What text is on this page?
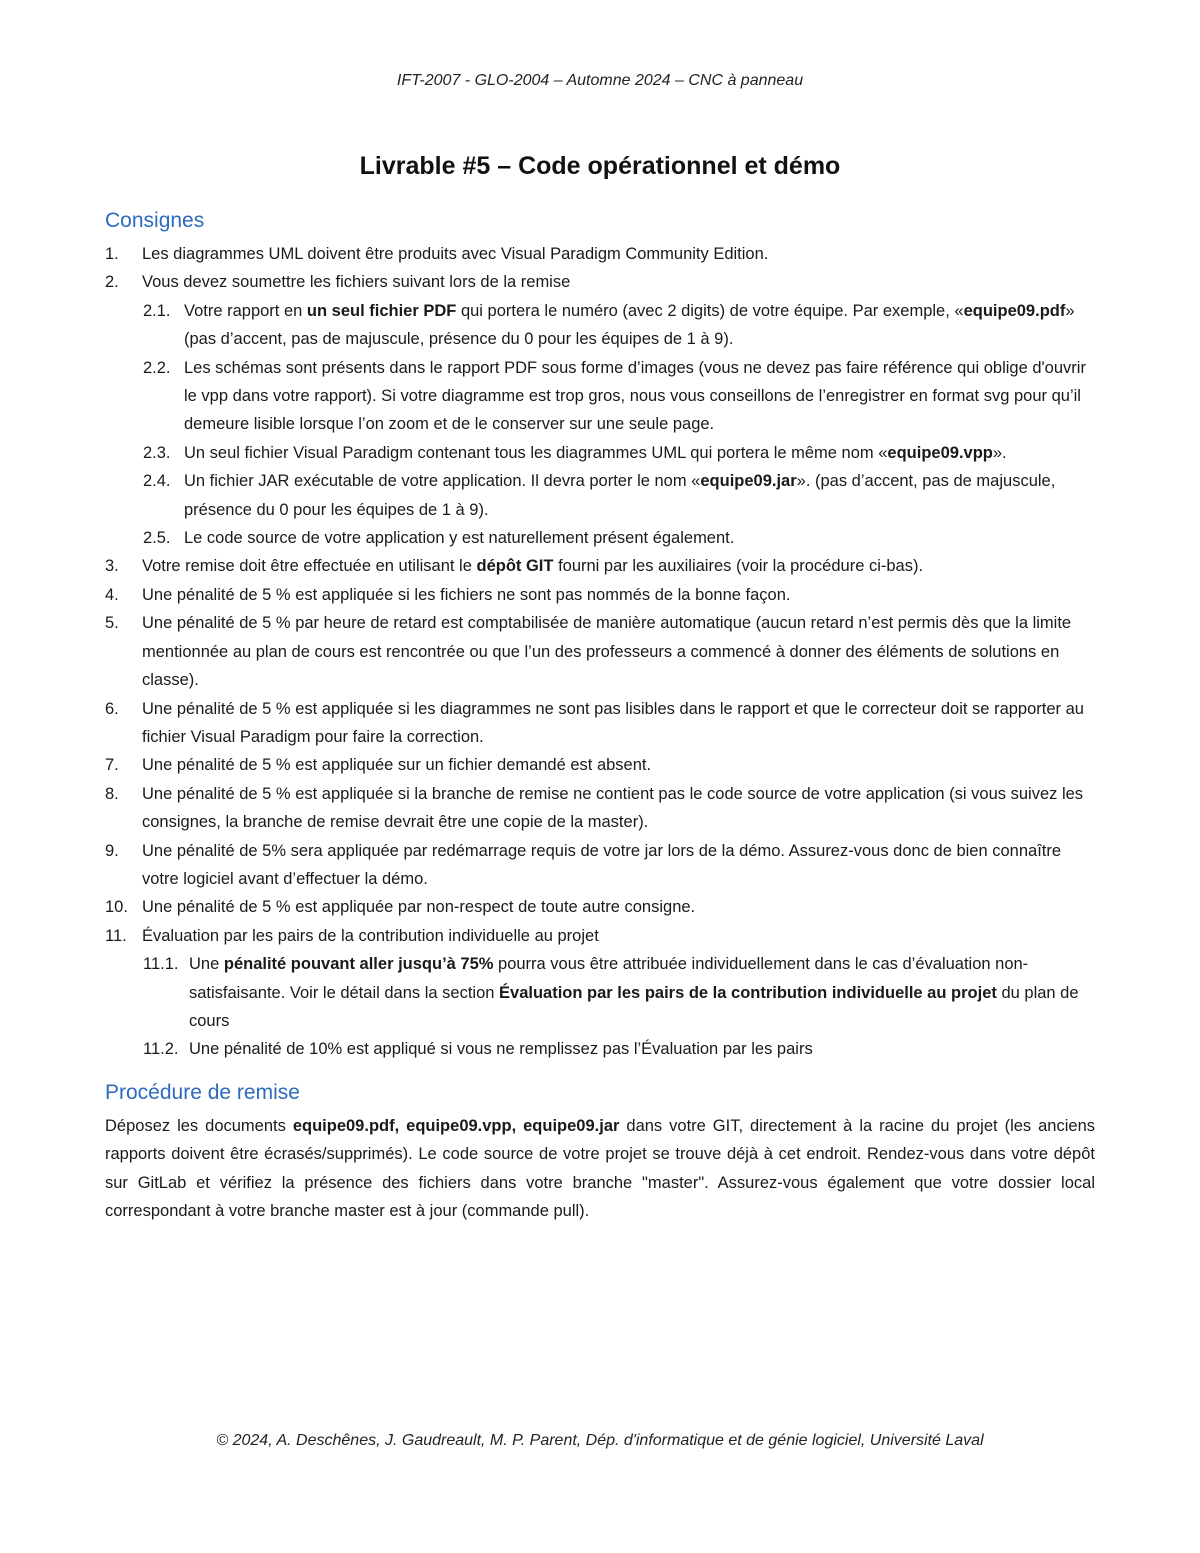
IFT-2007 - GLO-2004 – Automne 2024 – CNC à panneau
Livrable #5 – Code opérationnel et démo
Consignes
1. Les diagrammes UML doivent être produits avec Visual Paradigm Community Edition.
2. Vous devez soumettre les fichiers suivant lors de la remise
2.1. Votre rapport en un seul fichier PDF qui portera le numéro (avec 2 digits) de votre équipe. Par exemple, «equipe09.pdf» (pas d’accent, pas de majuscule, présence du 0 pour les équipes de 1 à 9).
2.2. Les schémas sont présents dans le rapport PDF sous forme d’images (vous ne devez pas faire référence qui oblige d'ouvrir le vpp dans votre rapport). Si votre diagramme est trop gros, nous vous conseillons de l’enregistrer en format svg pour qu’il demeure lisible lorsque l’on zoom et de le conserver sur une seule page.
2.3. Un seul fichier Visual Paradigm contenant tous les diagrammes UML qui portera le même nom «equipe09.vpp».
2.4. Un fichier JAR exécutable de votre application. Il devra porter le nom «equipe09.jar». (pas d’accent, pas de majuscule, présence du 0 pour les équipes de 1 à 9).
2.5. Le code source de votre application y est naturellement présent également.
3. Votre remise doit être effectuée en utilisant le dépôt GIT fourni par les auxiliaires (voir la procédure ci-bas).
4. Une pénalité de 5 % est appliquée si les fichiers ne sont pas nommés de la bonne façon.
5. Une pénalité de 5 % par heure de retard est comptabilisée de manière automatique (aucun retard n’est permis dès que la limite mentionnée au plan de cours est rencontrée ou que l’un des professeurs a commencé à donner des éléments de solutions en classe).
6. Une pénalité de 5 % est appliquée si les diagrammes ne sont pas lisibles dans le rapport et que le correcteur doit se rapporter au fichier Visual Paradigm pour faire la correction.
7. Une pénalité de 5 % est appliquée sur un fichier demandé est absent.
8. Une pénalité de 5 % est appliquée si la branche de remise ne contient pas le code source de votre application (si vous suivez les consignes, la branche de remise devrait être une copie de la master).
9. Une pénalité de 5% sera appliquée par redémarrage requis de votre jar lors de la démo. Assurez-vous donc de bien connaître votre logiciel avant d’effectuer la démo.
10. Une pénalité de 5 % est appliquée par non-respect de toute autre consigne.
11. Évaluation par les pairs de la contribution individuelle au projet
11.1. Une pénalité pouvant aller jusqu’à 75% pourra vous être attribuée individuellement dans le cas d’évaluation non-satisfaisante. Voir le détail dans la section Évaluation par les pairs de la contribution individuelle au projet du plan de cours
11.2. Une pénalité de 10% est appliqué si vous ne remplissez pas l’Évaluation par les pairs
Procédure de remise

Déposez les documents equipe09.pdf, equipe09.vpp, equipe09.jar dans votre GIT, directement à la racine du projet (les anciens rapports doivent être écrasés/supprimés). Le code source de votre projet se trouve déjà à cet endroit. Rendez-vous dans votre dépôt sur GitLab et vérifiez la présence des fichiers dans votre branche "master". Assurez-vous également que votre dossier local correspondant à votre branche master est à jour (commande pull).

© 2024, A. Deschênes, J. Gaudreault, M. P. Parent, Dép. d'informatique et de génie logiciel, Université Laval
